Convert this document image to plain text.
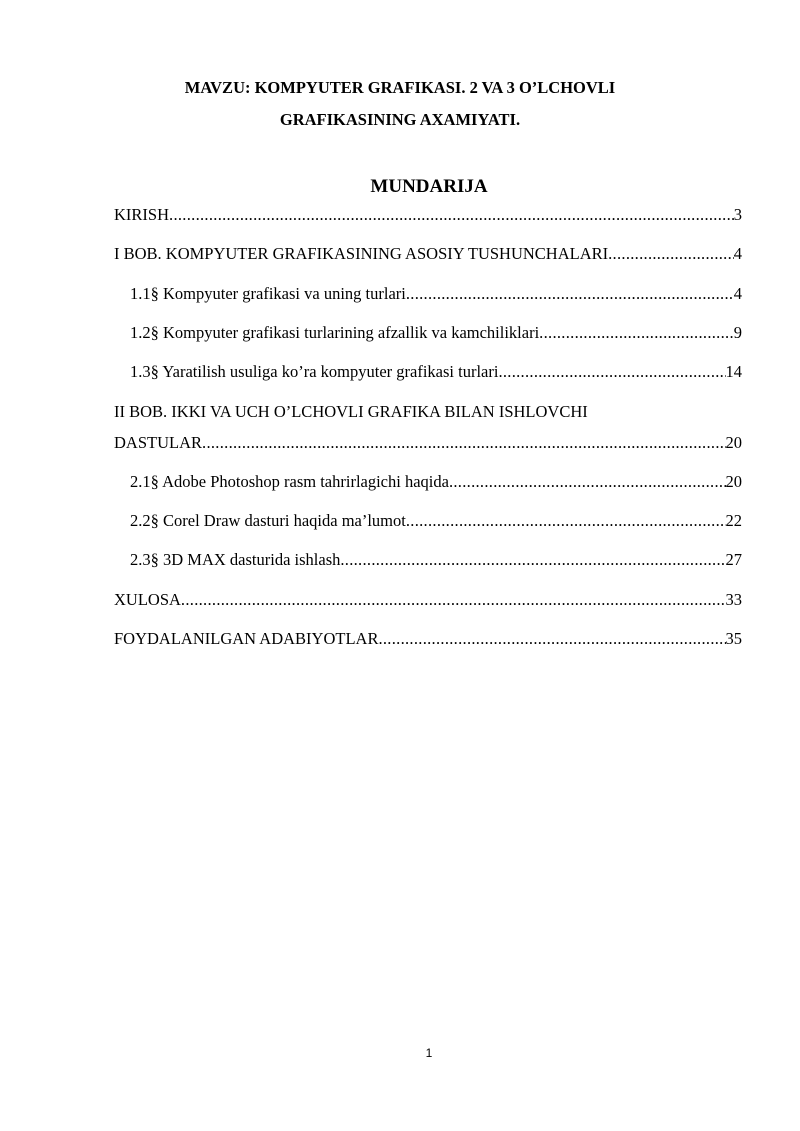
MAVZU: KOMPYUTER GRAFIKASI. 2 VA 3 O’LCHOVLI
GRAFIKASINING AXAMIYATI.
MUNDARIJA
KIRISH .....	3
I BOB. KOMPYUTER GRAFIKASINING ASOSIY TUSHUNCHALARI .....	4
1.1§ Kompyuter grafikasi va uning turlari .....	4
1.2§ Kompyuter grafikasi turlarining afzallik va kamchiliklari .....	9
1.3§ Yaratilish usuliga ko’ra kompyuter grafikasi turlari .....	14
II BOB. IKKI VA UCH O’LCHOVLI GRAFIKA BILAN ISHLOVCHI
DASTULAR .....	20
2.1§ Adobe Photoshop rasm tahrirlagichi haqida .....	20
2.2§ Corel Draw dasturi haqida ma’lumot .....	22
2.3§ 3D MAX dasturida ishlash .....	27
XULOSA .....	33
FOYDALANILGAN ADABIYOTLAR .....	35
1
